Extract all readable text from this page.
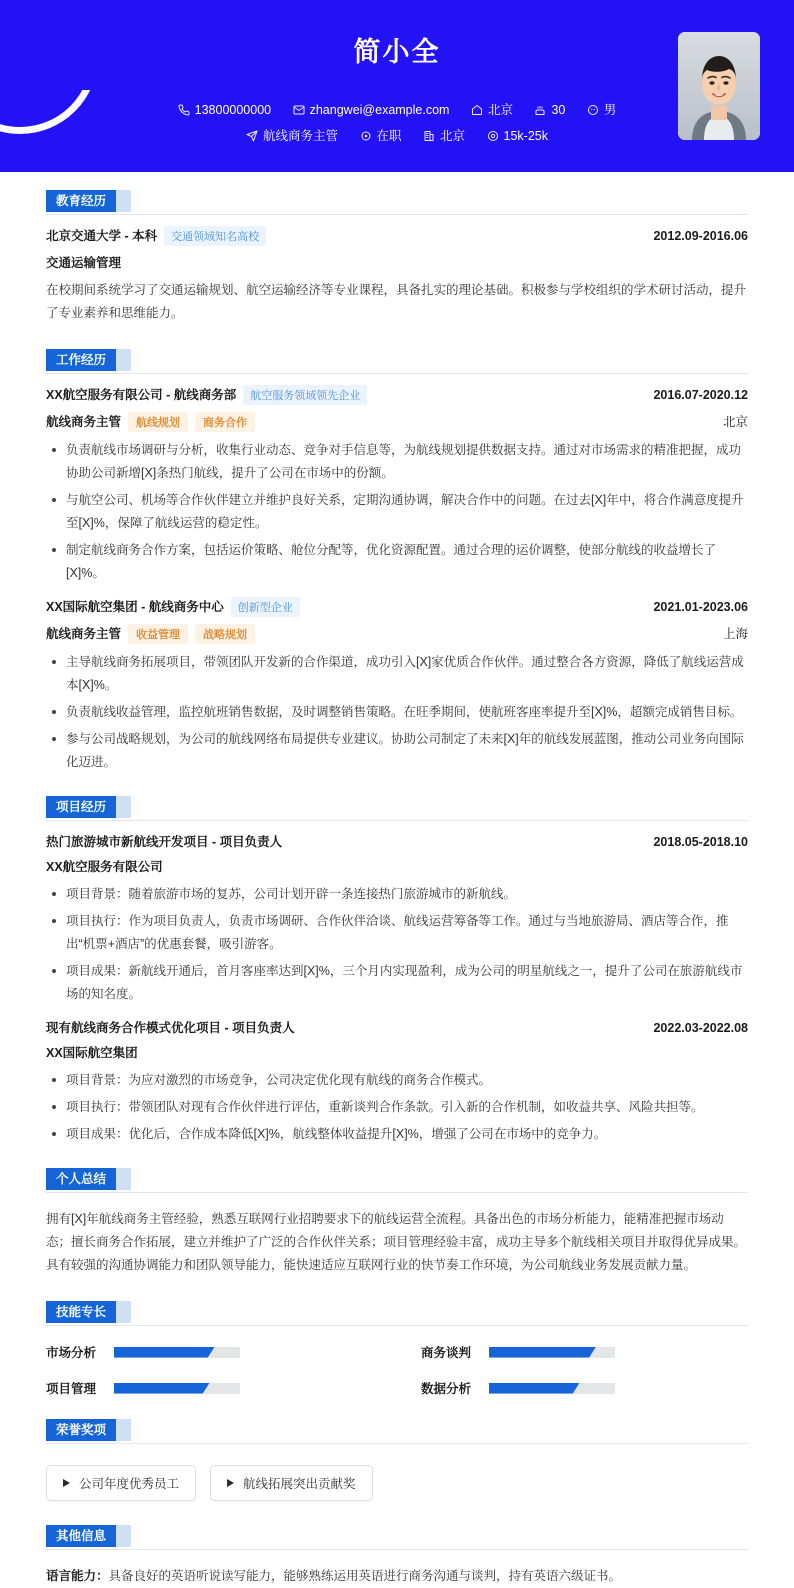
简小全
13800000000	zhangwei@example.com	北京	30	男
航线商务主管	在职	北京	15k-25k
教育经历
北京交通大学 - 本科	交通领域知名高校	2012.09-2016.06
交通运输管理
在校期间系统学习了交通运输规划、航空运输经济等专业课程，具备扎实的理论基础。积极参与学校组织的学术研讨活动，提升了专业素养和思维能力。
工作经历
XX航空服务有限公司 - 航线商务部	航空服务领域领先企业	2016.07-2020.12
航线商务主管	航线规划	商务合作	北京
负责航线市场调研与分析，收集行业动态、竞争对手信息等，为航线规划提供数据支持。通过对市场需求的精准把握，成功协助公司新增[X]条热门航线，提升了公司在市场中的份额。
与航空公司、机场等合作伙伴建立并维护良好关系，定期沟通协调，解决合作中的问题。在过去[X]年中，将合作满意度提升至[X]%，保障了航线运营的稳定性。
制定航线商务合作方案，包括运价策略、舱位分配等，优化资源配置。通过合理的运价调整，使部分航线的收益增长了[X]%。
XX国际航空集团 - 航线商务中心	创新型企业	2021.01-2023.06
航线商务主管	收益管理	战略规划	上海
主导航线商务拓展项目，带领团队开发新的合作渠道，成功引入[X]家优质合作伙伴。通过整合各方资源，降低了航线运营成本[X]%。
负责航线收益管理，监控航班销售数据，及时调整销售策略。在旺季期间，使航班客座率提升至[X]%，超额完成销售目标。
参与公司战略规划，为公司的航线网络布局提供专业建议。协助公司制定了未来[X]年的航线发展蓝图，推动公司业务向国际化迈进。
项目经历
热门旅游城市新航线开发项目 - 项目负责人	2018.05-2018.10
XX航空服务有限公司
项目背景：随着旅游市场的复苏，公司计划开辟一条连接热门旅游城市的新航线。
项目执行：作为项目负责人，负责市场调研、合作伙伴洽谈、航线运营筹备等工作。通过与当地旅游局、酒店等合作，推出“机票+酒店”的优惠套餐，吸引游客。
项目成果：新航线开通后，首月客座率达到[X]%，三个月内实现盈利，成为公司的明星航线之一，提升了公司在旅游航线市场的知名度。
现有航线商务合作模式优化项目 - 项目负责人	2022.03-2022.08
XX国际航空集团
项目背景：为应对激烈的市场竞争，公司决定优化现有航线的商务合作模式。
项目执行：带领团队对现有合作伙伴进行评估，重新谈判合作条款。引入新的合作机制，如收益共享、风险共担等。
项目成果：优化后，合作成本降低[X]%，航线整体收益提升[X]%，增强了公司在市场中的竞争力。
个人总结
拥有[X]年航线商务主管经验，熟悉互联网行业招聘要求下的航线运营全流程。具备出色的市场分析能力，能精准把握市场动态；擅长商务合作拓展，建立并维护了广泛的合作伙伴关系；项目管理经验丰富，成功主导多个航线相关项目并取得优异成果。具有较强的沟通协调能力和团队领导能力，能快速适应互联网行业的快节奏工作环境，为公司航线业务发展贡献力量。
技能专长
市场分析	商务谈判
项目管理	数据分析
荣誉奖项
公司年度优秀员工	航线拓展突出贡献奖
其他信息
语言能力：具备良好的英语听说读写能力，能够熟练运用英语进行商务沟通与谈判，持有英语六级证书。
